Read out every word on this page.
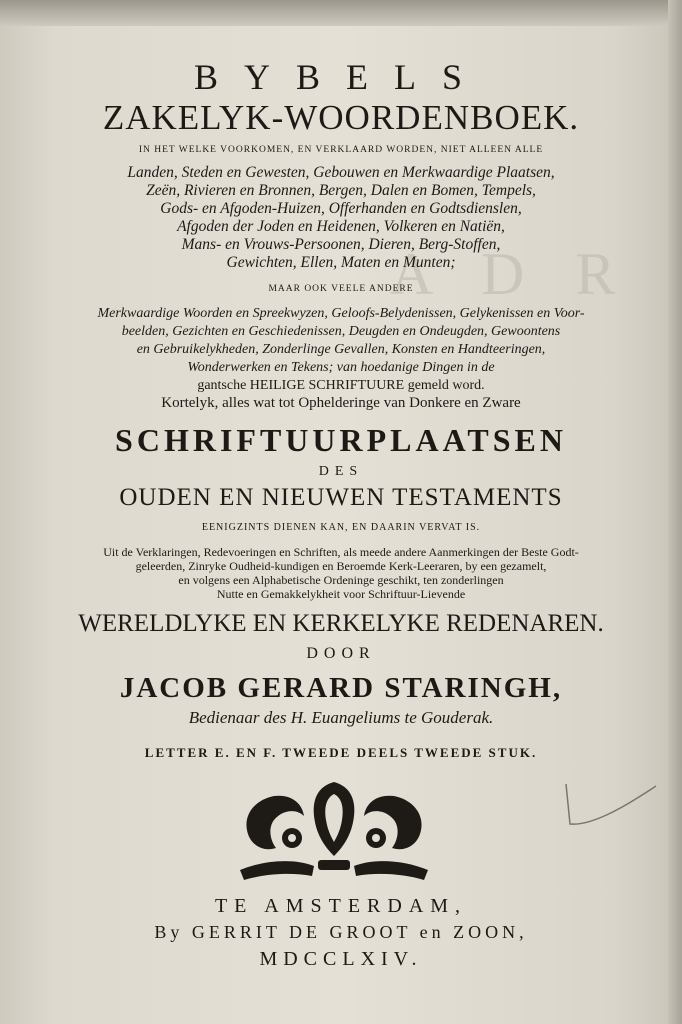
A D R
BYBELS
ZAKELYK-WOORDENBOEK.
IN HET WELKE VOORKOMEN, EN VERKLAARD WORDEN, NIET ALLEEN ALLE
Landen, Steden en Gewesten, Gebouwen en Merkwaardige Plaatsen,
Zeën, Rivieren en Bronnen, Bergen, Dalen en Bomen, Tempels,
Gods- en Afgoden-Huizen, Offerhanden en Godtsdienslen,
Afgoden der Joden en Heidenen, Volkeren en Natiën,
Mans- en Vrouws-Persoonen, Dieren, Berg-Stoffen,
Gewichten, Ellen, Maten en Munten;
MAAR OOK VEELE ANDERE
Merkwaardige Woorden en Spreekwyzen, Geloofs-Belydenissen, Gelykenissen en Voor-
beelden, Gezichten en Geschiedenissen, Deugden en Ondeugden, Gewoontens
en Gebruikelykheden, Zonderlinge Gevallen, Konsten en Handteeringen,
Wonderwerken en Tekens; van hoedanige Dingen in de
gantsche HEILIGE SCHRIFTUURE gemeld word.
Kortelyk, alles wat tot Ophelderinge van Donkere en Zware
SCHRIFTUURPLAATSEN
DES
OUDEN EN NIEUWEN TESTAMENTS
EENIGZINTS DIENEN KAN, EN DAARIN VERVAT IS.
Uit de Verklaringen, Redevoeringen en Schriften, als meede andere Aanmerkingen der Beste Godt-
geleerden, Zinryke Oudheid-kundigen en Beroemde Kerk-Leeraren, by een gezamelt,
en volgens een Alphabetische Ordeninge geschikt, ten zonderlingen
Nutte en Gemakkelykheit voor Schriftuur-Lievende
WERELDLYKE EN KERKELYKE REDENAREN.
DOOR
JACOB GERARD STARINGH,
Bedienaar des H. Euangeliums te Gouderak.
LETTER E. EN F. TWEEDE DEELS TWEEDE STUK.
TE AMSTERDAM,
By GERRIT DE GROOT en ZOON,
MDCCLXIV.
